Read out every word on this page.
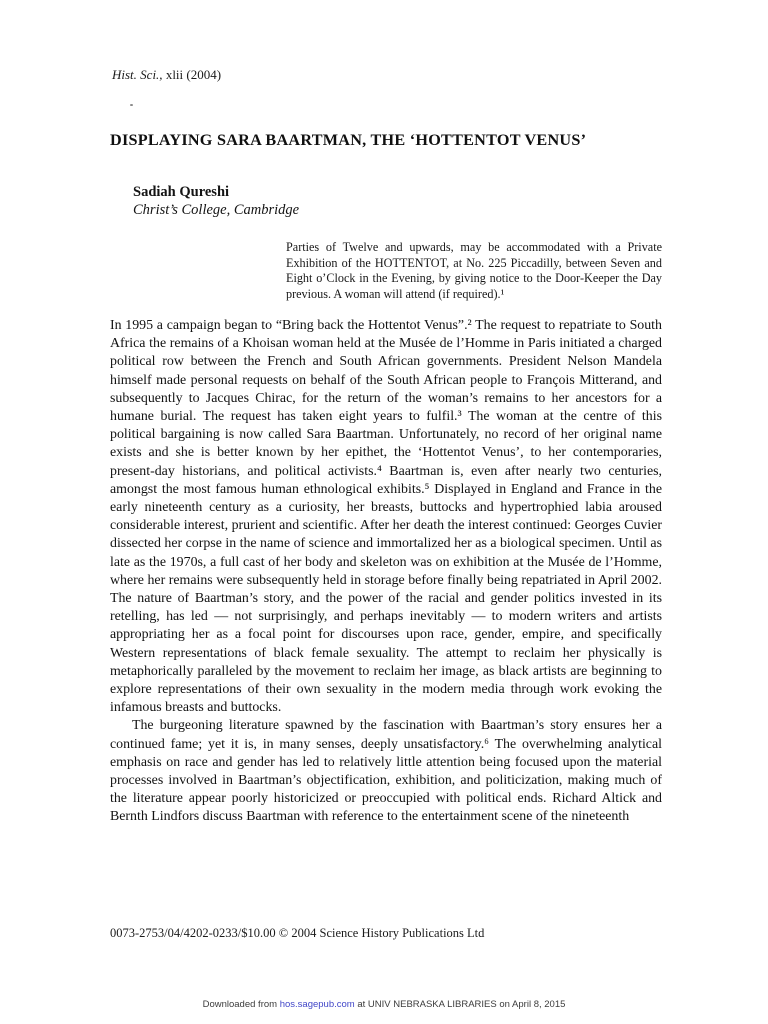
Hist. Sci., xlii (2004)
DISPLAYING SARA BAARTMAN, THE ‘HOTTENTOT VENUS’
Sadiah Qureshi
Christ’s College, Cambridge
Parties of Twelve and upwards, may be accommodated with a Private Exhibition of the HOTTENTOT, at No. 225 Piccadilly, between Seven and Eight o’Clock in the Evening, by giving notice to the Door-Keeper the Day previous. A woman will attend (if required).¹

In 1995 a campaign began to “Bring back the Hottentot Venus”.² The request to repatriate to South Africa the remains of a Khoisan woman held at the Musée de l’Homme in Paris initiated a charged political row between the French and South African governments. President Nelson Mandela himself made personal requests on behalf of the South African people to François Mitterand, and subsequently to Jacques Chirac, for the return of the woman’s remains to her ancestors for a humane burial. The request has taken eight years to fulfil.³ The woman at the centre of this political bargaining is now called Sara Baartman. Unfortunately, no record of her original name exists and she is better known by her epithet, the ‘Hottentot Venus’, to her contemporaries, present-day historians, and political activists.⁴ Baartman is, even after nearly two centuries, amongst the most famous human ethnological exhibits.⁵ Displayed in England and France in the early nineteenth century as a curiosity, her breasts, buttocks and hypertrophied labia aroused considerable interest, prurient and scientific. After her death the interest continued: Georges Cuvier dissected her corpse in the name of science and immortalized her as a biological specimen. Until as late as the 1970s, a full cast of her body and skeleton was on exhibition at the Musée de l’Homme, where her remains were subsequently held in storage before finally being repatriated in April 2002. The nature of Baartman’s story, and the power of the racial and gender politics invested in its retelling, has led — not surprisingly, and perhaps inevitably — to modern writers and artists appropriating her as a focal point for discourses upon race, gender, empire, and specifically Western representations of black female sexuality. The attempt to reclaim her physically is metaphorically paralleled by the movement to reclaim her image, as black artists are beginning to explore representations of their own sexuality in the modern media through work evoking the infamous breasts and buttocks.

The burgeoning literature spawned by the fascination with Baartman’s story ensures her a continued fame; yet it is, in many senses, deeply unsatisfactory.⁶ The overwhelming analytical emphasis on race and gender has led to relatively little attention being focused upon the material processes involved in Baartman’s objectification, exhibition, and politicization, making much of the literature appear poorly historicized or preoccupied with political ends. Richard Altick and Bernth Lindfors discuss Baartman with reference to the entertainment scene of the nineteenth

0073-2753/04/4202-0233/$10.00 © 2004 Science History Publications Ltd
Downloaded from hos.sagepub.com at UNIV NEBRASKA LIBRARIES on April 8, 2015
